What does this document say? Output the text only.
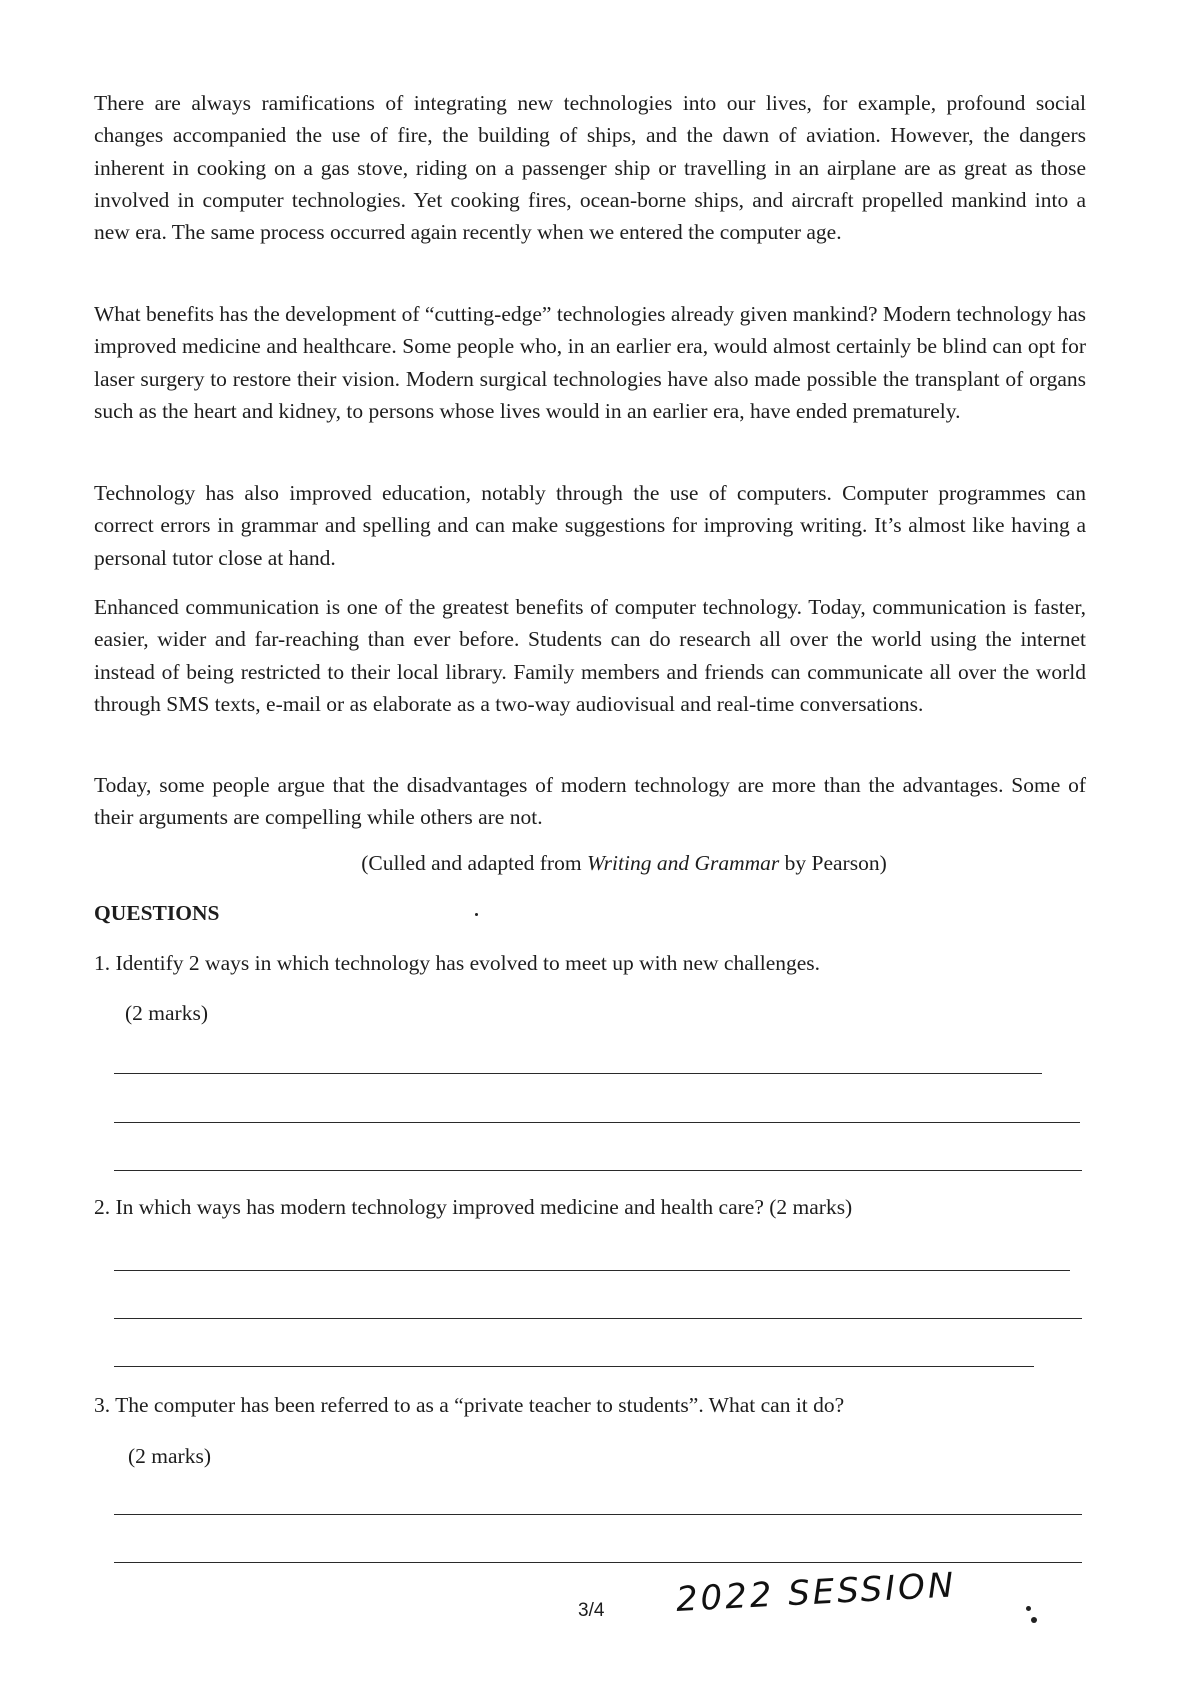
There are always ramifications of integrating new technologies into our lives, for example, profound social changes accompanied the use of fire, the building of ships, and the dawn of aviation. However, the dangers inherent in cooking on a gas stove, riding on a passenger ship or travelling in an airplane are as great as those involved in computer technologies. Yet cooking fires, ocean-borne ships, and aircraft propelled mankind into a new era. The same process occurred again recently when we entered the computer age.

What benefits has the development of “cutting-edge” technologies already given mankind? Modern technology has improved medicine and healthcare. Some people who, in an earlier era, would almost certainly be blind can opt for laser surgery to restore their vision. Modern surgical technologies have also made possible the transplant of organs such as the heart and kidney, to persons whose lives would in an earlier era, have ended prematurely.

Technology has also improved education, notably through the use of computers. Computer programmes can correct errors in grammar and spelling and can make suggestions for improving writing. It’s almost like having a personal tutor close at hand.

Enhanced communication is one of the greatest benefits of computer technology. Today, communication is faster, easier, wider and far-reaching than ever before. Students can do research all over the world using the internet instead of being restricted to their local library. Family members and friends can communicate all over the world through SMS texts, e-mail or as elaborate as a two-way audiovisual and real-time conversations.

Today, some people argue that the disadvantages of modern technology are more than the advantages. Some of their arguments are compelling while others are not.

(Culled and adapted from Writing and Grammar by Pearson)

QUESTIONS

1. Identify 2 ways in which technology has evolved to meet up with new challenges.

(2 marks)

2. In which ways has modern technology improved medicine and health care? (2 marks)

3. The computer has been referred to as a “private teacher to students”. What can it do?

(2 marks)

3/4 2022 SESSION
